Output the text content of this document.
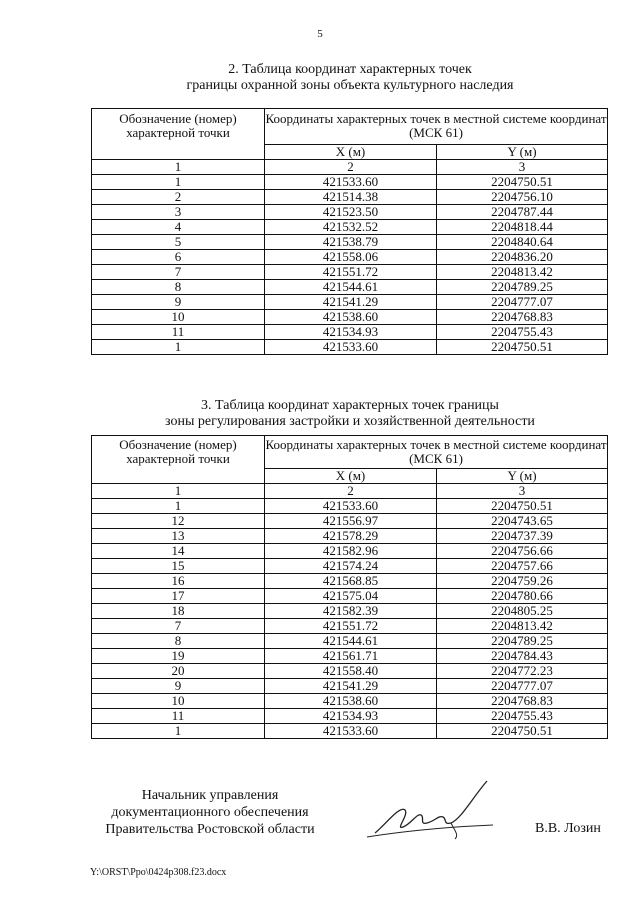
5
2. Таблица координат характерных точек
границы охранной зоны объекта культурного наследия
Обозначение (номер) характерной точки	Координаты характерных точек в местной системе координат (МСК 61)	
	X (м)	Y (м)
1	2	3
1	421533.60	2204750.51
2	421514.38	2204756.10
3	421523.50	2204787.44
4	421532.52	2204818.44
5	421538.79	2204840.64
6	421558.06	2204836.20
7	421551.72	2204813.42
8	421544.61	2204789.25
9	421541.29	2204777.07
10	421538.60	2204768.83
11	421534.93	2204755.43
1	421533.60	2204750.51
3. Таблица координат характерных точек границы
зоны регулирования застройки и хозяйственной деятельности
Обозначение (номер) характерной точки	Координаты характерных точек в местной системе координат (МСК 61)	
	X (м)	Y (м)
1	2	3
1	421533.60	2204750.51
12	421556.97	2204743.65
13	421578.29	2204737.39
14	421582.96	2204756.66
15	421574.24	2204757.66
16	421568.85	2204759.26
17	421575.04	2204780.66
18	421582.39	2204805.25
7	421551.72	2204813.42
8	421544.61	2204789.25
19	421561.71	2204784.43
20	421558.40	2204772.23
9	421541.29	2204777.07
10	421538.60	2204768.83
11	421534.93	2204755.43
1	421533.60	2204750.51
Начальник управления
документационного обеспечения
Правительства Ростовской области	В.В. Лозин
Y:\ORST\Ppo\0424p308.f23.docx
